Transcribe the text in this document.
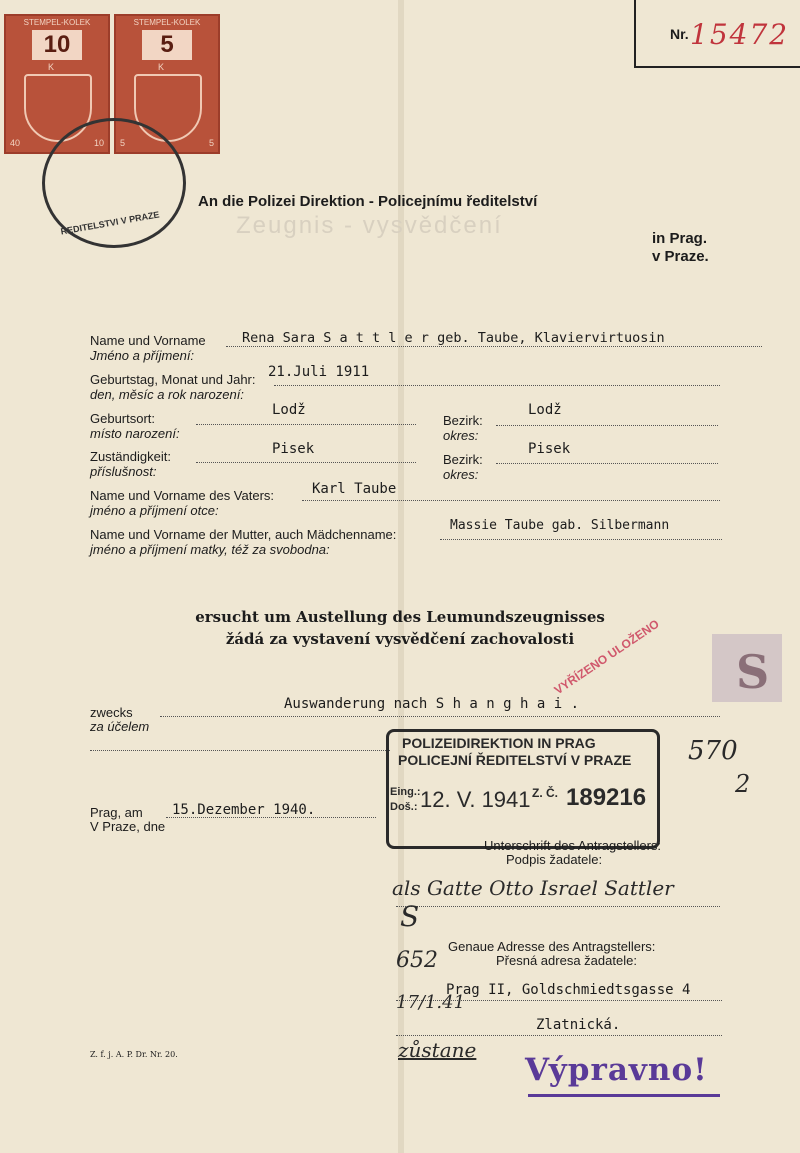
Nr. 15472
STEMPEL-KOLEK
10
K
40	10
STEMPEL-KOLEK
5
K
5	5
REDITELSTVI V PRAZE	Zeugnis - vysvědčení
An die Polizei Direktion - Policejnímu ředitelství
in Prag.
v Praze.
Name und Vorname
Jméno a příjmení:
Rena Sara S a t t l e r geb. Taube, Klaviervirtuosin
Geburtstag, Monat und Jahr:
den, měsíc a rok narození:
21.Juli 1911
Geburtsort:
místo narození:
Lodž
Bezirk:
okres:
Lodž
Zuständigkeit:
příslušnost:
Pisek
Bezirk:
okres:
Pisek
Name und Vorname des Vaters:
jméno a příjmení otce:
Karl Taube
Name und Vorname der Mutter, auch Mädchenname:
jméno a příjmení matky, též za svobodna:
Massie Taube gab. Silbermann
ersucht um Austellung des Leumundszeugnisses
žádá za vystavení vysvědčení zachovalosti
VYŘÍZENO ULOŽENO S
zwecks
za účelem
Auswanderung nach S h a n g h a i .
POLIZEIDIREKTION IN PRAG
POLICEJNÍ ŘEDITELSTVÍ V PRAZE
Eing.:
Doš.: 12. V. 1941 Z. Č. 189216
570
2
Prag, am
V Praze, dne
15.Dezember 1940.
Unterschrift des Antragstellers:
Podpis žadatele:
als Gatte Otto Israel Sattler
Genaue Adresse des Antragstellers:
Přesná adresa žadatele:
Prag II, Goldschmiedtsgasse 4
Zlatnická.
S
652
17/1.41
zůstane
Z. f. j. A. P. Dr. Nr. 20.	Výpravno!
